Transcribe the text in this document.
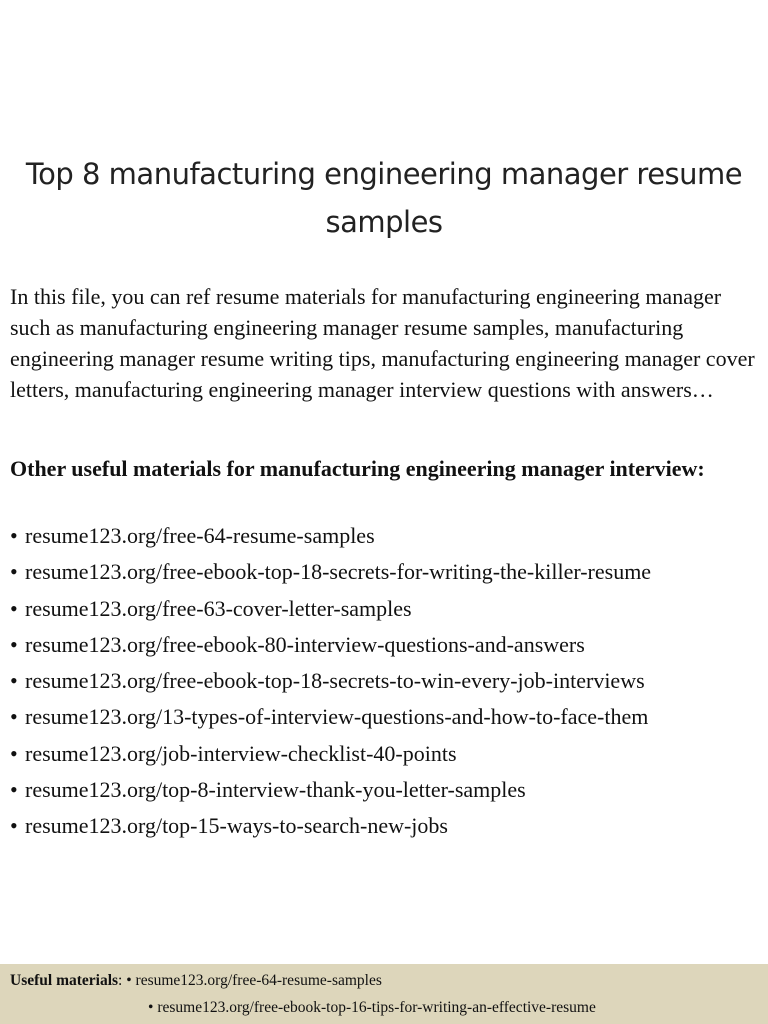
Top 8 manufacturing engineering manager resume samples

In this file, you can ref resume materials for manufacturing engineering manager such as manufacturing engineering manager resume samples, manufacturing engineering manager resume writing tips, manufacturing engineering manager cover letters, manufacturing engineering manager interview questions with answers…

Other useful materials for manufacturing engineering manager interview:

• resume123.org/free-64-resume-samples
• resume123.org/free-ebook-top-18-secrets-for-writing-the-killer-resume
• resume123.org/free-63-cover-letter-samples
• resume123.org/free-ebook-80-interview-questions-and-answers
• resume123.org/free-ebook-top-18-secrets-to-win-every-job-interviews
• resume123.org/13-types-of-interview-questions-and-how-to-face-them
• resume123.org/job-interview-checklist-40-points
• resume123.org/top-8-interview-thank-you-letter-samples
• resume123.org/top-15-ways-to-search-new-jobs
Useful materials: • resume123.org/free-64-resume-samples
• resume123.org/free-ebook-top-16-tips-for-writing-an-effective-resume
